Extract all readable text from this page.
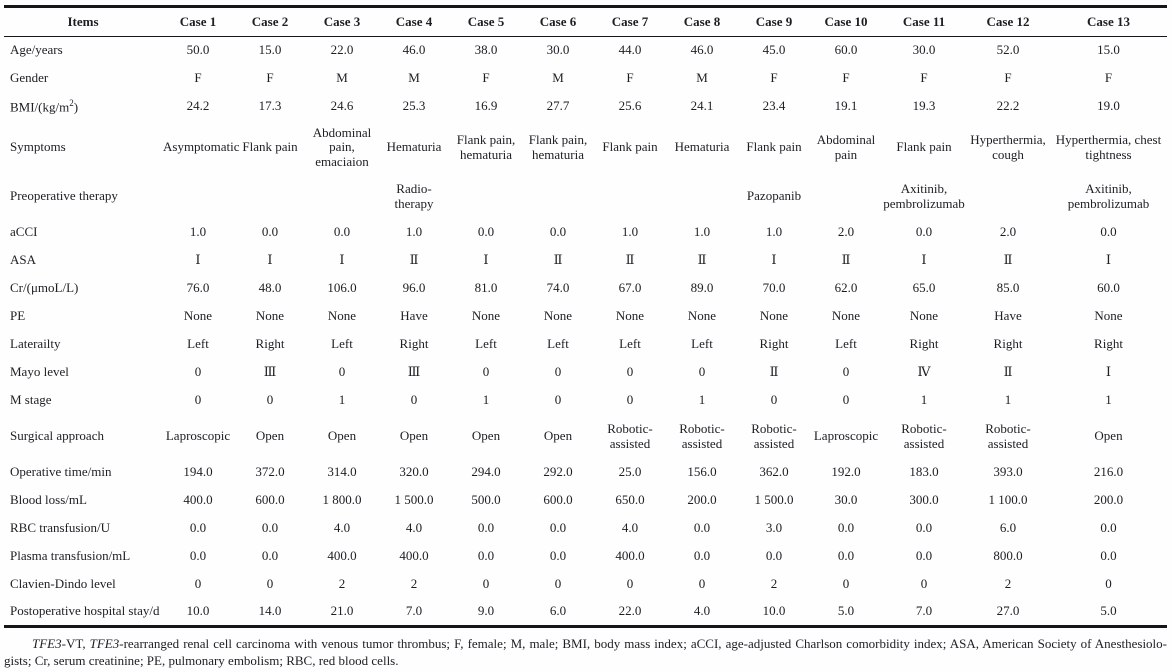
Items	Case 1	Case 2	Case 3	Case 4	Case 5	Case 6	Case 7	Case 8	Case 9	Case 10	Case 11	Case 12	Case 13
Age/years	50.0	15.0	22.0	46.0	38.0	30.0	44.0	46.0	45.0	60.0	30.0	52.0	15.0
Gender	F	F	M	M	F	M	F	M	F	F	F	F	F
BMI/$(kg/m^2)$	24.2	17.3	24.6	25.3	16.9	27.7	25.6	24.1	23.4	19.1	19.3	22.2	19.0
Symptoms	Asymptomatic	Flank pain	Abdominal pain, emaciaion	Hematuria	Flank pain, hematuria	Flank pain, hematuria	Flank pain	Hematuria	Flank pain	Abdominal pain	Flank pain	Hyperthermia, cough	Hyperthermia, chest tightness
Preoperative therapy				Radio-therapy					Pazopanib		Axitinib, pembrolizumab		Axitinib, pembrolizumab
aCCI	1.0	0.0	0.0	1.0	0.0	0.0	1.0	1.0	1.0	2.0	0.0	2.0	0.0
ASA	Ⅰ	Ⅰ	Ⅰ	Ⅱ	Ⅰ	Ⅱ	Ⅱ	Ⅱ	Ⅰ	Ⅱ	Ⅰ	Ⅱ	Ⅰ
Cr/(μmoL/L)	76.0	48.0	106.0	96.0	81.0	74.0	67.0	89.0	70.0	62.0	65.0	85.0	60.0
PE	None	None	None	Have	None	None	None	None	None	None	None	Have	None
Laterailty	Left	Right	Left	Right	Left	Left	Left	Left	Right	Left	Right	Right	Right
Mayo level	0	Ⅲ	0	Ⅲ	0	0	0	0	Ⅱ	0	Ⅳ	Ⅱ	Ⅰ
M stage	0	0	1	0	1	0	0	1	0	0	1	1	1
Surgical approach	Laproscopic	Open	Open	Open	Open	Open	Robotic-assisted	Robotic-assisted	Robotic-assisted	Laproscopic	Robotic-assisted	Robotic-assisted	Open
Operative time/min	194.0	372.0	314.0	320.0	294.0	292.0	25.0	156.0	362.0	192.0	183.0	393.0	216.0
Blood loss/mL	400.0	600.0	1 800.0	1 500.0	500.0	600.0	650.0	200.0	1 500.0	30.0	300.0	1 100.0	200.0
RBC transfusion/U	0.0	0.0	4.0	4.0	0.0	0.0	4.0	0.0	3.0	0.0	0.0	6.0	0.0
Plasma transfusion/mL	0.0	0.0	400.0	400.0	0.0	0.0	400.0	0.0	0.0	0.0	0.0	800.0	0.0
Clavien-Dindo level	0	0	2	2	0	0	0	0	2	0	0	2	0
Postoperative hospital stay/d	10.0	14.0	21.0	7.0	9.0	6.0	22.0	4.0	10.0	5.0	7.0	27.0	5.0
TFE3-VT, TFE3-rearranged renal cell carcinoma with venous tumor thrombus; F, female; M, male; BMI, body mass index; aCCI, age-adjusted Charlson comorbidity index; ASA, American Society of Anesthesiolo-
gists; Cr, serum creatinine; PE, pulmonary embolism; RBC, red blood cells.
